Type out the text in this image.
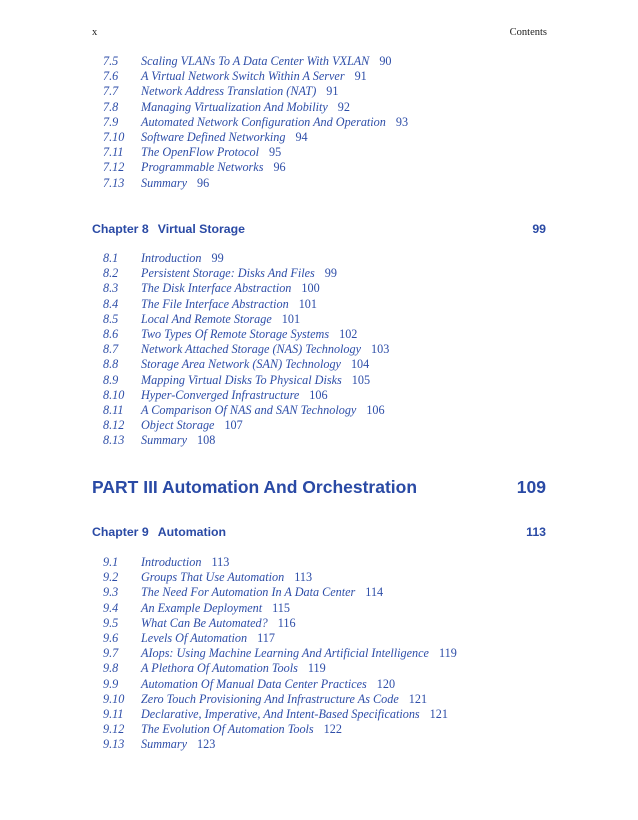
x	Contents
7.5 Scaling VLANs To A Data Center With VXLAN 90
7.6 A Virtual Network Switch Within A Server 91
7.7 Network Address Translation (NAT) 91
7.8 Managing Virtualization And Mobility 92
7.9 Automated Network Configuration And Operation 93
7.10 Software Defined Networking 94
7.11 The OpenFlow Protocol 95
7.12 Programmable Networks 96
7.13 Summary 96
Chapter 8 Virtual Storage	99
8.1 Introduction 99
8.2 Persistent Storage: Disks And Files 99
8.3 The Disk Interface Abstraction 100
8.4 The File Interface Abstraction 101
8.5 Local And Remote Storage 101
8.6 Two Types Of Remote Storage Systems 102
8.7 Network Attached Storage (NAS) Technology 103
8.8 Storage Area Network (SAN) Technology 104
8.9 Mapping Virtual Disks To Physical Disks 105
8.10 Hyper-Converged Infrastructure 106
8.11 A Comparison Of NAS and SAN Technology 106
8.12 Object Storage 107
8.13 Summary 108
PART III Automation And Orchestration	109
Chapter 9 Automation	113
9.1 Introduction 113
9.2 Groups That Use Automation 113
9.3 The Need For Automation In A Data Center 114
9.4 An Example Deployment 115
9.5 What Can Be Automated? 116
9.6 Levels Of Automation 117
9.7 AIops: Using Machine Learning And Artificial Intelligence 119
9.8 A Plethora Of Automation Tools 119
9.9 Automation Of Manual Data Center Practices 120
9.10 Zero Touch Provisioning And Infrastructure As Code 121
9.11 Declarative, Imperative, And Intent-Based Specifications 121
9.12 The Evolution Of Automation Tools 122
9.13 Summary 123
